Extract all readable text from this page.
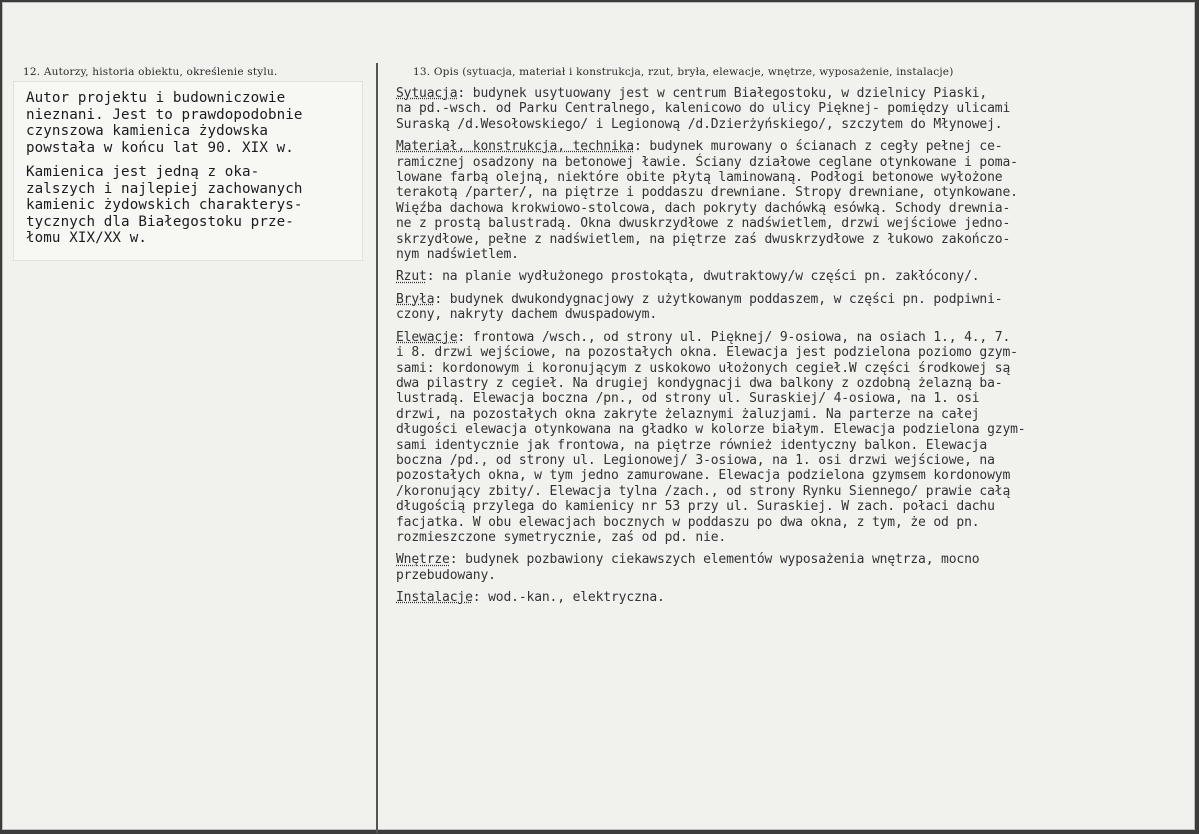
12. Autorzy, historia obiektu, określenie stylu.	13. Opis (sytuacja, materiał i konstrukcja, rzut, bryła, elewacje, wnętrze, wyposażenie, instalacje)
Autor projektu i budowniczowie
nieznani. Jest to prawdopodobnie
czynszowa kamienica żydowska
powstała w końcu lat 90. XIX w.
Kamienica jest jedną z oka-
zalszych i najlepiej zachowanych
kamienic żydowskich charakterys-
tycznych dla Białegostoku prze-
łomu XIX/XX w.

Sytuacja: budynek usytuowany jest w centrum Białegostoku, w dzielnicy Piaski,
na pd.-wsch. od Parku Centralnego, kalenicowo do ulicy Pięknej- pomiędzy ulicami
Suraską /d.Wesołowskiego/ i Legionową /d.Dzierżyńskiego/, szczytem do Młynowej.

Materiał, konstrukcja, technika: budynek murowany o ścianach z cegły pełnej ce-
ramicznej osadzony na betonowej ławie. Ściany działowe ceglane otynkowane i poma-
lowane farbą olejną, niektóre obite płytą laminowaną. Podłogi betonowe wyłożone
terakotą /parter/, na piętrze i poddaszu drewniane. Stropy drewniane, otynkowane.
Więźba dachowa krokwiowo-stolcowa, dach pokryty dachówką esówką. Schody drewnia-
ne z prostą balustradą. Okna dwuskrzydłowe z nadświetlem, drzwi wejściowe jedno-
skrzydłowe, pełne z nadświetlem, na piętrze zaś dwuskrzydłowe z łukowo zakończo-
nym nadświetlem.

Rzut: na planie wydłużonego prostokąta, dwutraktowy/w części pn. zakłócony/.

Bryła: budynek dwukondygnacjowy z użytkowanym poddaszem, w części pn. podpiwni-
czony, nakryty dachem dwuspadowym.

Elewacje: frontowa /wsch., od strony ul. Pięknej/ 9-osiowa, na osiach 1., 4., 7.
i 8. drzwi wejściowe, na pozostałych okna. Elewacja jest podzielona poziomo gzym-
sami: kordonowym i koronującym z uskokowo ułożonych cegieł.W części środkowej są
dwa pilastry z cegieł. Na drugiej kondygnacji dwa balkony z ozdobną żelazną ba-
lustradą. Elewacja boczna /pn., od strony ul. Suraskiej/ 4-osiowa, na 1. osi
drzwi, na pozostałych okna zakryte żelaznymi żaluzjami. Na parterze na całej
długości elewacja otynkowana na gładko w kolorze białym. Elewacja podzielona gzym-
sami identycznie jak frontowa, na piętrze również identyczny balkon. Elewacja
boczna /pd., od strony ul. Legionowej/ 3-osiowa, na 1. osi drzwi wejściowe, na
pozostałych okna, w tym jedno zamurowane. Elewacja podzielona gzymsem kordonowym
/koronujący zbity/. Elewacja tylna /zach., od strony Rynku Siennego/ prawie całą
długością przylega do kamienicy nr 53 przy ul. Suraskiej. W zach. połaci dachu
facjatka. W obu elewacjach bocznych w poddaszu po dwa okna, z tym, że od pn.
rozmieszczone symetrycznie, zaś od pd. nie.

Wnętrze: budynek pozbawiony ciekawszych elementów wyposażenia wnętrza, mocno
przebudowany.

Instalacje: wod.-kan., elektryczna.
